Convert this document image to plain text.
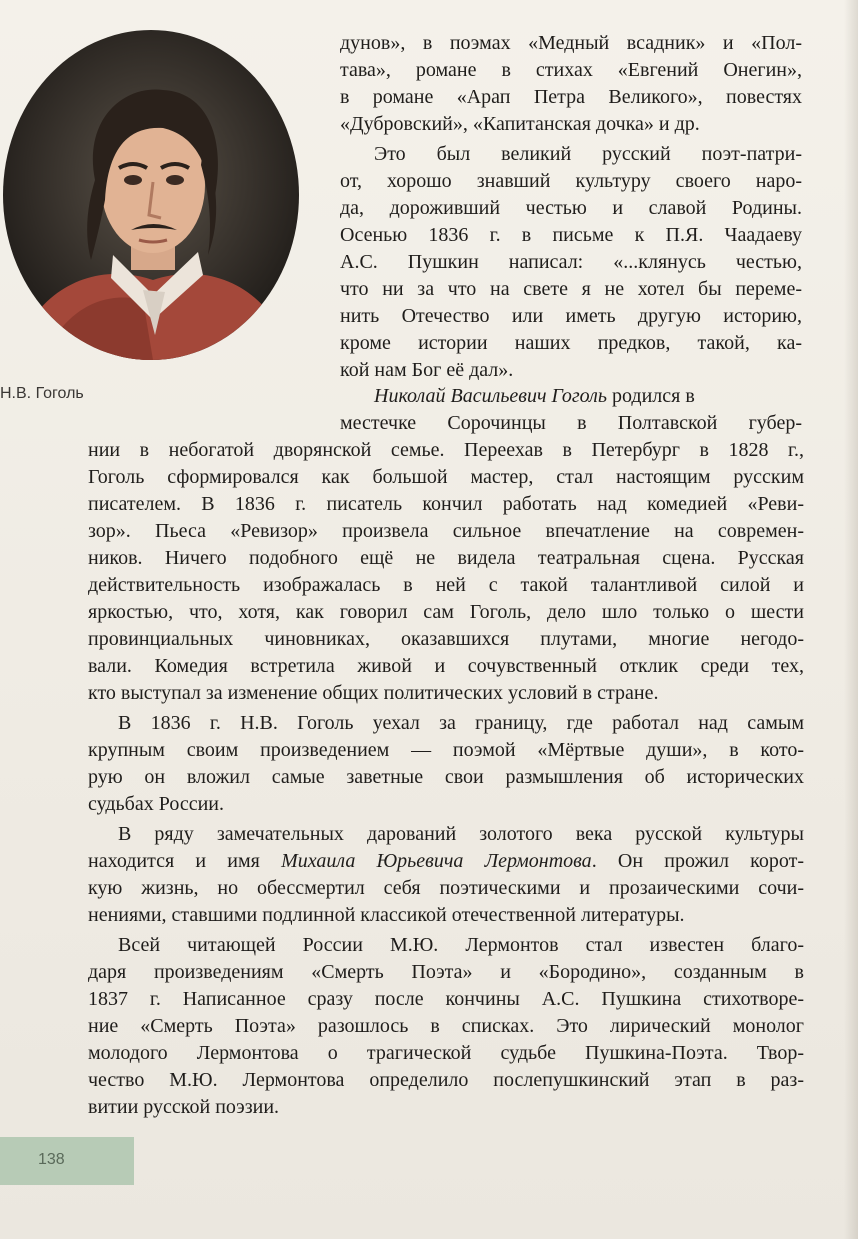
Н.В. Гоголь
дунов», в поэмах «Медный всадник» и «Пол-
тава», романе в стихах «Евгений Онегин»,
в романе «Арап Петра Великого», повестях
«Дубровский», «Капитанская дочка» и др.
Это был великий русский поэт-патри-
от, хорошо знавший культуру своего наро-
да, дороживший честью и славой Родины.
Осенью 1836 г. в письме к П.Я. Чаадаеву
А.С. Пушкин написал: «...клянусь честью,
что ни за что на свете я не хотел бы переме-
нить Отечество или иметь другую историю,
кроме истории наших предков, такой, ка-
кой нам Бог её дал».
Николай Васильевич Гоголь родился в
местечке Сорочинцы в Полтавской губер-
нии в небогатой дворянской семье. Переехав в Петербург в 1828 г.,
Гоголь сформировался как большой мастер, стал настоящим русским
писателем. В 1836 г. писатель кончил работать над комедией «Реви-
зор». Пьеса «Ревизор» произвела сильное впечатление на современ-
ников. Ничего подобного ещё не видела театральная сцена. Русская
действительность изображалась в ней с такой талантливой силой и
яркостью, что, хотя, как говорил сам Гоголь, дело шло только о шести
провинциальных чиновниках, оказавшихся плутами, многие негодо-
вали. Комедия встретила живой и сочувственный отклик среди тех,
кто выступал за изменение общих политических условий в стране.
В 1836 г. Н.В. Гоголь уехал за границу, где работал над самым
крупным своим произведением — поэмой «Мёртвые души», в кото-
рую он вложил самые заветные свои размышления об исторических
судьбах России.
В ряду замечательных дарований золотого века русской культуры
находится и имя Михаила Юрьевича Лермонтова. Он прожил корот-
кую жизнь, но обессмертил себя поэтическими и прозаическими сочи-
нениями, ставшими подлинной классикой отечественной литературы.
Всей читающей России М.Ю. Лермонтов стал известен благо-
даря произведениям «Смерть Поэта» и «Бородино», созданным в
1837 г. Написанное сразу после кончины А.С. Пушкина стихотворе-
ние «Смерть Поэта» разошлось в списках. Это лирический монолог
молодого Лермонтова о трагической судьбе Пушкина-Поэта. Твор-
чество М.Ю. Лермонтова определило послепушкинский этап в раз-
витии русской поэзии.
138
